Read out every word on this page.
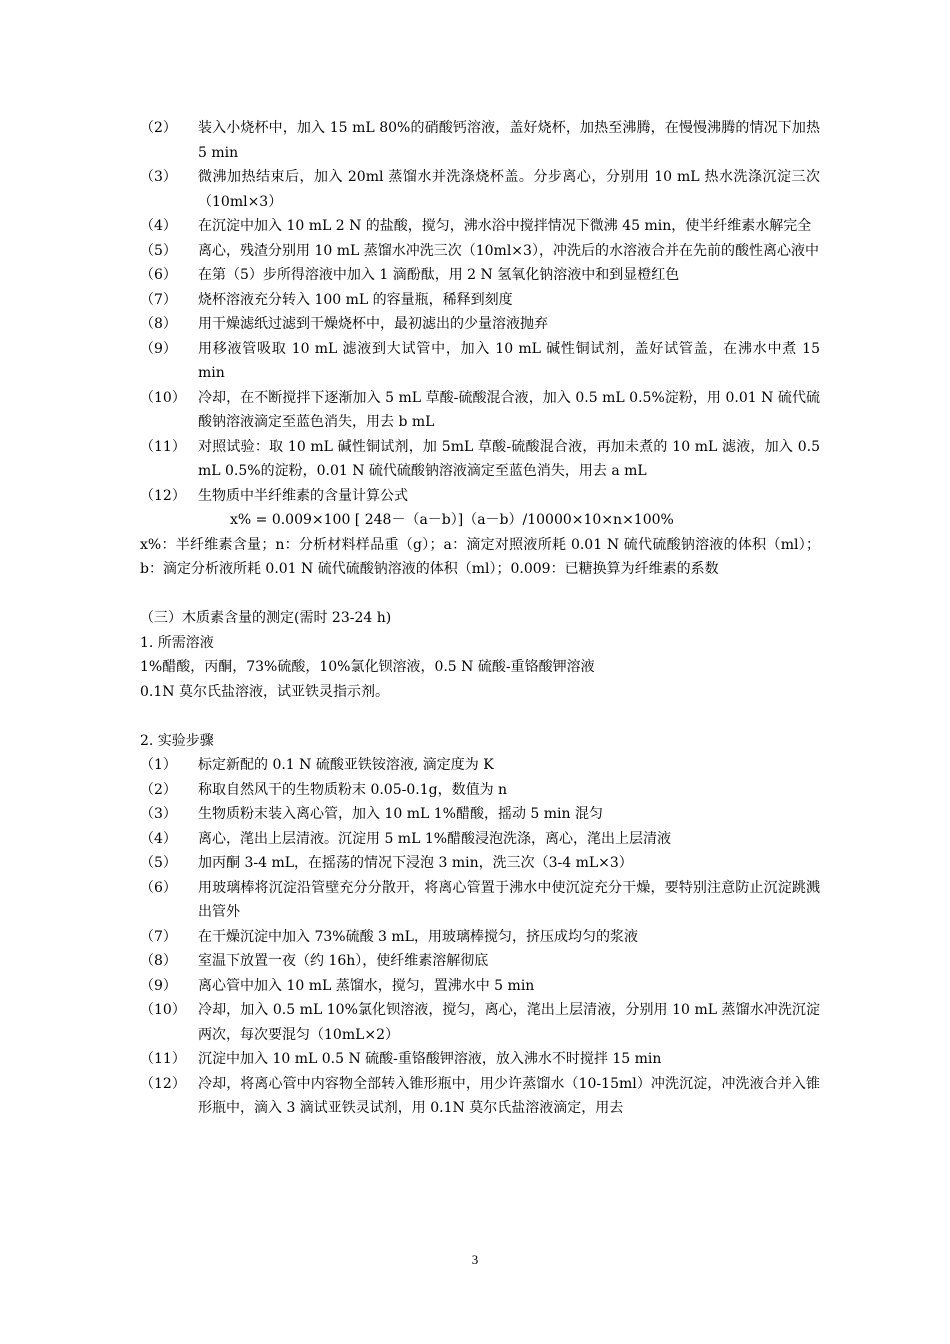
（2）	装入小烧杯中，加入 15 mL 80%的硝酸钙溶液，盖好烧杯，加热至沸腾，在慢慢沸腾的情况下加热 5 min
（3）	微沸加热结束后，加入 20ml 蒸馏水并洗涤烧杯盖。分步离心，分别用 10 mL 热水洗涤沉淀三次（10ml×3）
（4）	在沉淀中加入 10 mL 2 N 的盐酸，搅匀，沸水浴中搅拌情况下微沸 45 min，使半纤维素水解完全
（5）	离心，残渣分别用 10 mL 蒸馏水冲洗三次（10ml×3），冲洗后的水溶液合并在先前的酸性离心液中
（6）	在第（5）步所得溶液中加入 1 滴酚酞，用 2 N 氢氧化钠溶液中和到显橙红色
（7）	烧杯溶液充分转入 100 mL 的容量瓶，稀释到刻度
（8）	用干燥滤纸过滤到干燥烧杯中，最初滤出的少量溶液抛弃
（9）	用移液管吸取 10 mL 滤液到大试管中，加入 10 mL 碱性铜试剂，盖好试管盖，在沸水中煮 15 min
（10） 冷却，在不断搅拌下逐渐加入 5 mL 草酸-硫酸混合液，加入 0.5 mL 0.5%淀粉，用 0.01 N 硫代硫酸钠溶液滴定至蓝色消失，用去 b mL
（11） 对照试验：取 10 mL 碱性铜试剂，加 5mL 草酸-硫酸混合液，再加未煮的 10 mL 滤液，加入 0.5 mL 0.5%的淀粉，0.01 N 硫代硫酸钠溶液滴定至蓝色消失，用去 a mL
（12） 生物质中半纤维素的含量计算公式
x% = 0.009×100 [ 248－（a－b）]（a－b）/10000×10×n×100%
x%：半纤维素含量；n：分析材料样品重（g）；a：滴定对照液所耗 0.01 N 硫代硫酸钠溶液的体积（ml）；b：滴定分析液所耗 0.01 N 硫代硫酸钠溶液的体积（ml）；0.009：已糖换算为纤维素的系数
（三）木质素含量的测定(需时 23-24 h)
1. 所需溶液
1%醋酸，丙酮，73%硫酸，10%氯化钡溶液，0.5 N 硫酸-重铬酸钾溶液
0.1N 莫尔氏盐溶液，试亚铁灵指示剂。
2. 实验步骤
（1）	标定新配的 0.1 N 硫酸亚铁铵溶液, 滴定度为 K
（2）	称取自然风干的生物质粉末 0.05-0.1g，数值为 n
（3）	生物质粉末装入离心管，加入 10 mL 1%醋酸，摇动 5 min 混匀
（4）	离心，滗出上层清液。沉淀用 5 mL 1%醋酸浸泡洗涤，离心，滗出上层清液
（5）	加丙酮 3-4 mL，在摇荡的情况下浸泡 3 min，洗三次（3-4 mL×3）
（6）	用玻璃棒将沉淀沿管壁充分分散开，将离心管置于沸水中使沉淀充分干燥，要特别注意防止沉淀跳溅出管外
（7）	在干燥沉淀中加入 73%硫酸 3 mL，用玻璃棒搅匀，挤压成均匀的浆液
（8）	室温下放置一夜（约 16h），使纤维素溶解彻底
（9）	离心管中加入 10 mL 蒸馏水，搅匀，置沸水中 5 min
（10） 冷却，加入 0.5 mL 10%氯化钡溶液，搅匀，离心，滗出上层清液，分别用 10 mL 蒸馏水冲洗沉淀两次，每次要混匀（10mL×2）
（11） 沉淀中加入 10 mL 0.5 N 硫酸-重铬酸钾溶液，放入沸水不时搅拌 15 min
（12） 冷却，将离心管中内容物全部转入锥形瓶中，用少许蒸馏水（10-15ml）冲洗沉淀，冲洗液合并入锥形瓶中，滴入 3 滴试亚铁灵试剂，用 0.1N 莫尔氏盐溶液滴定，用去
3
